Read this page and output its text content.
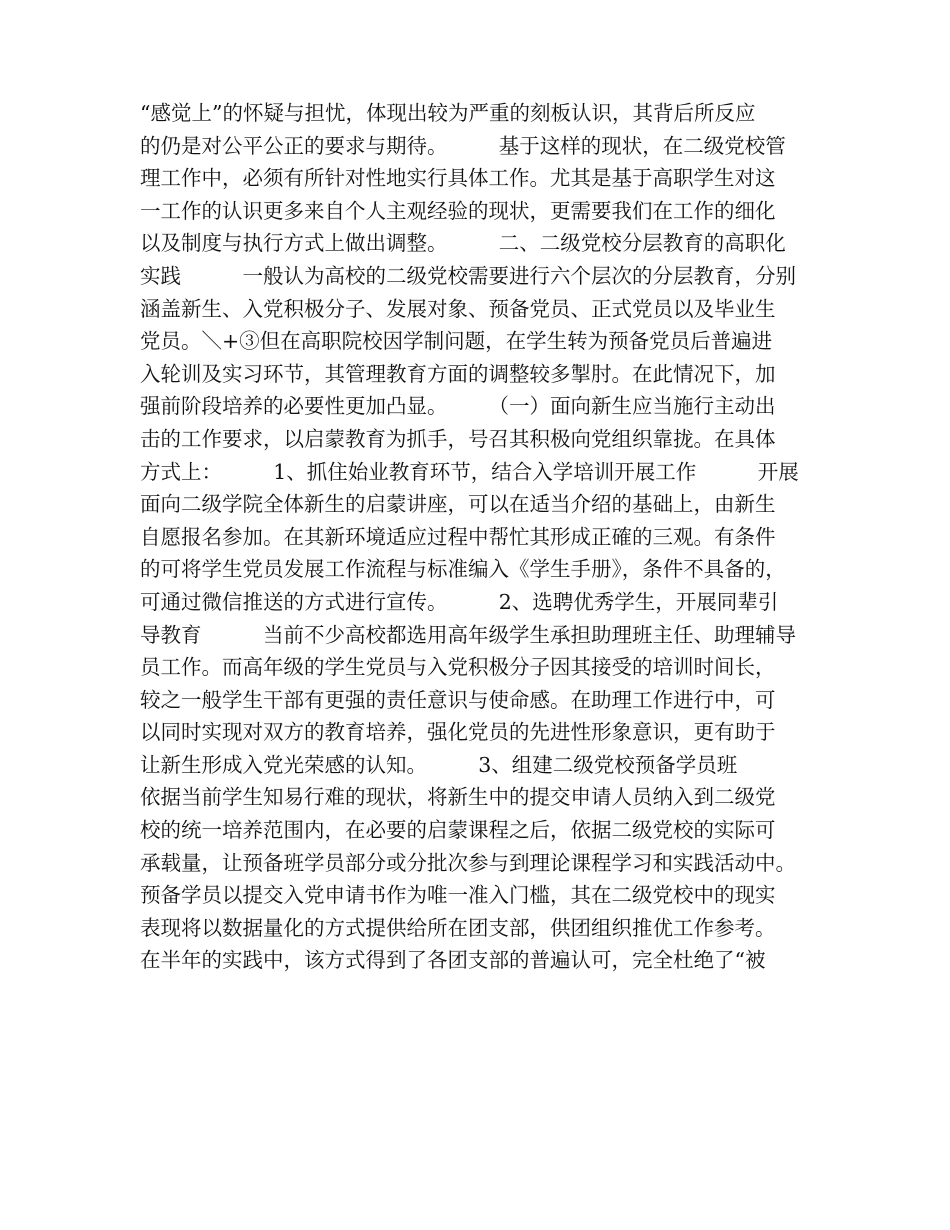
“感觉上”的怀疑与担忧，体现出较为严重的刻板认识，其背后所反应
的仍是对公平公正的要求与期待。　　　基于这样的现状，在二级党校管
理工作中，必须有所针对性地实行具体工作。尤其是基于高职学生对这
一工作的认识更多来自个人主观经验的现状，更需要我们在工作的细化
以及制度与执行方式上做出调整。　　　二、二级党校分层教育的高职化
实践　　　一般认为高校的二级党校需要进行六个层次的分层教育，分别
涵盖新生、入党积极分子、发展对象、预备党员、正式党员以及毕业生
党员。＼+③但在高职院校因学制问题，在学生转为预备党员后普遍进
入轮训及实习环节，其管理教育方面的调整较多掣肘。在此情况下，加
强前阶段培养的必要性更加凸显。　　　（一）面向新生应当施行主动出
击的工作要求，以启蒙教育为抓手，号召其积极向党组织靠拢。在具体
方式上：　　　1、抓住始业教育环节，结合入学培训开展工作　　　开展
面向二级学院全体新生的启蒙讲座，可以在适当介绍的基础上，由新生
自愿报名参加。在其新环境适应过程中帮忙其形成正確的三观。有条件
的可将学生党员发展工作流程与标准编入《学生手册》，条件不具备的，
可通过微信推送的方式进行宣传。　　　2、选聘优秀学生，开展同辈引
导教育　　　当前不少高校都选用高年级学生承担助理班主任、助理辅导
员工作。而高年级的学生党员与入党积极分子因其接受的培训时间长，
较之一般学生干部有更强的责任意识与使命感。在助理工作进行中，可
以同时实现对双方的教育培养，强化党员的先进性形象意识，更有助于
让新生形成入党光荣感的认知。　　　3、组建二级党校预备学员班
依据当前学生知易行难的现状，将新生中的提交申请人员纳入到二级党
校的统一培养范围内，在必要的启蒙课程之后，依据二级党校的实际可
承载量，让预备班学员部分或分批次参与到理论课程学习和实践活动中。
预备学员以提交入党申请书作为唯一准入门槛，其在二级党校中的现实
表现将以数据量化的方式提供给所在团支部，供团组织推优工作参考。
在半年的实践中，该方式得到了各团支部的普遍认可，完全杜绝了“被
